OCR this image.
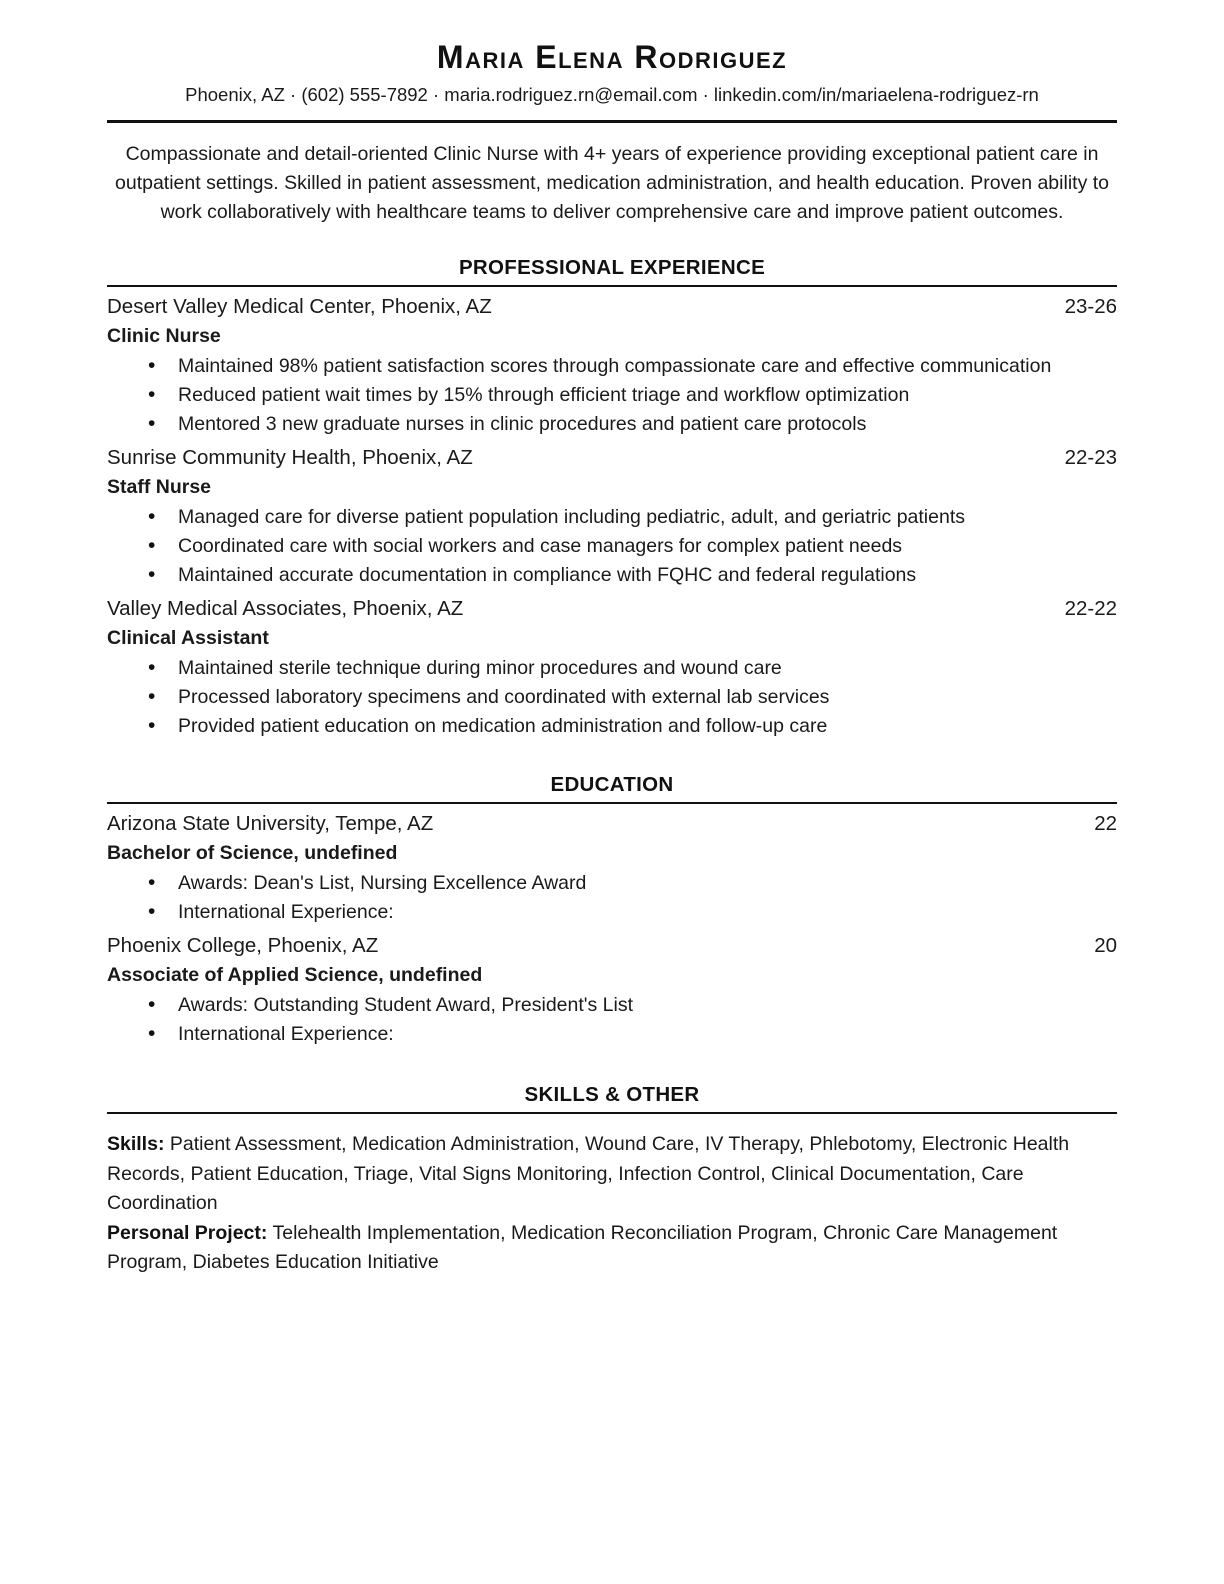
Maria Elena Rodriguez
Phoenix, AZ · (602) 555-7892 · maria.rodriguez.rn@email.com · linkedin.com/in/mariaelena-rodriguez-rn

Compassionate and detail-oriented Clinic Nurse with 4+ years of experience providing exceptional patient care in outpatient settings. Skilled in patient assessment, medication administration, and health education. Proven ability to work collaboratively with healthcare teams to deliver comprehensive care and improve patient outcomes.

PROFESSIONAL EXPERIENCE
Desert Valley Medical Center, Phoenix, AZ	23-26
Clinic Nurse
• Maintained 98% patient satisfaction scores through compassionate care and effective communication
• Reduced patient wait times by 15% through efficient triage and workflow optimization
• Mentored 3 new graduate nurses in clinic procedures and patient care protocols
Sunrise Community Health, Phoenix, AZ	22-23
Staff Nurse
• Managed care for diverse patient population including pediatric, adult, and geriatric patients
• Coordinated care with social workers and case managers for complex patient needs
• Maintained accurate documentation in compliance with FQHC and federal regulations
Valley Medical Associates, Phoenix, AZ	22-22
Clinical Assistant
• Maintained sterile technique during minor procedures and wound care
• Processed laboratory specimens and coordinated with external lab services
• Provided patient education on medication administration and follow-up care
EDUCATION
Arizona State University, Tempe, AZ	22
Bachelor of Science, undefined
• Awards: Dean's List, Nursing Excellence Award
• International Experience:
Phoenix College, Phoenix, AZ	20
Associate of Applied Science, undefined
• Awards: Outstanding Student Award, President's List
• International Experience:
SKILLS & OTHER

Skills: Patient Assessment, Medication Administration, Wound Care, IV Therapy, Phlebotomy, Electronic Health Records, Patient Education, Triage, Vital Signs Monitoring, Infection Control, Clinical Documentation, Care Coordination

Personal Project: Telehealth Implementation, Medication Reconciliation Program, Chronic Care Management Program, Diabetes Education Initiative
